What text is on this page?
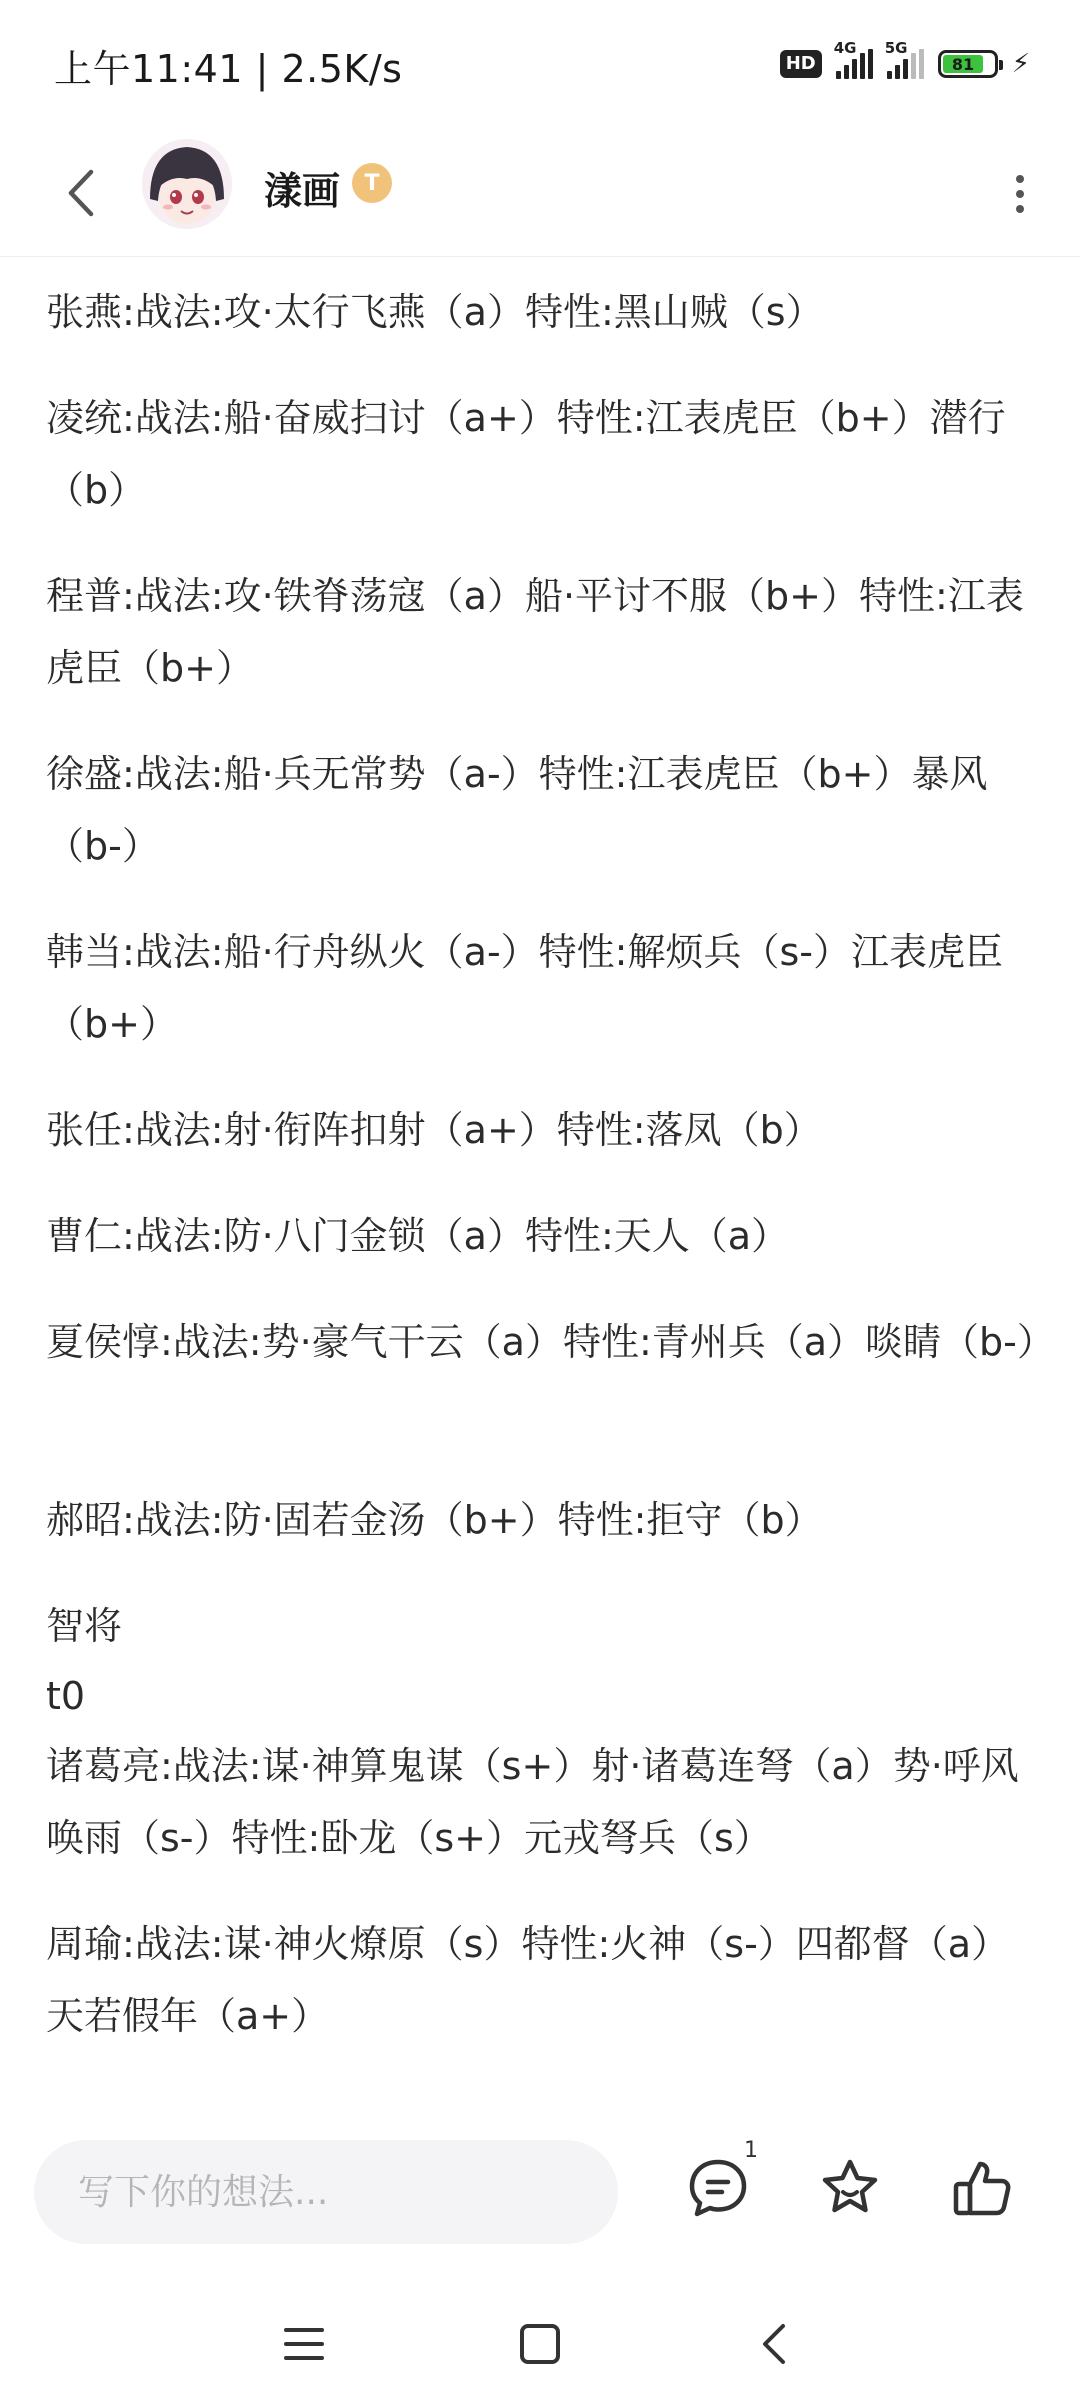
上午11:41 | 2.5K/s	HD
4G 5G
81	⚡
漾画	T
张燕:战法:攻·太行飞燕（a）特性:黑山贼（s）
凌统:战法:船·奋威扫讨（a+）特性:江表虎臣（b+）潜行（b）
程普:战法:攻·铁脊荡寇（a）船·平讨不服（b+）特性:江表虎臣（b+）
徐盛:战法:船·兵无常势（a-）特性:江表虎臣（b+）暴风（b-）
韩当:战法:船·行舟纵火（a-）特性:解烦兵（s-）江表虎臣（b+）
张任:战法:射·衔阵扣射（a+）特性:落凤（b）
曹仁:战法:防·八门金锁（a）特性:天人（a）
夏侯惇:战法:势·豪气干云（a）特性:青州兵（a）啖睛（b-）
郝昭:战法:防·固若金汤（b+）特性:拒守（b）
智将
t0
诸葛亮:战法:谋·神算鬼谋（s+）射·诸葛连弩（a）势·呼风唤雨（s-）特性:卧龙（s+）元戎弩兵（s）
周瑜:战法:谋·神火燎原（s）特性:火神（s-）四都督（a）天若假年（a+）
写下你的想法...
1
